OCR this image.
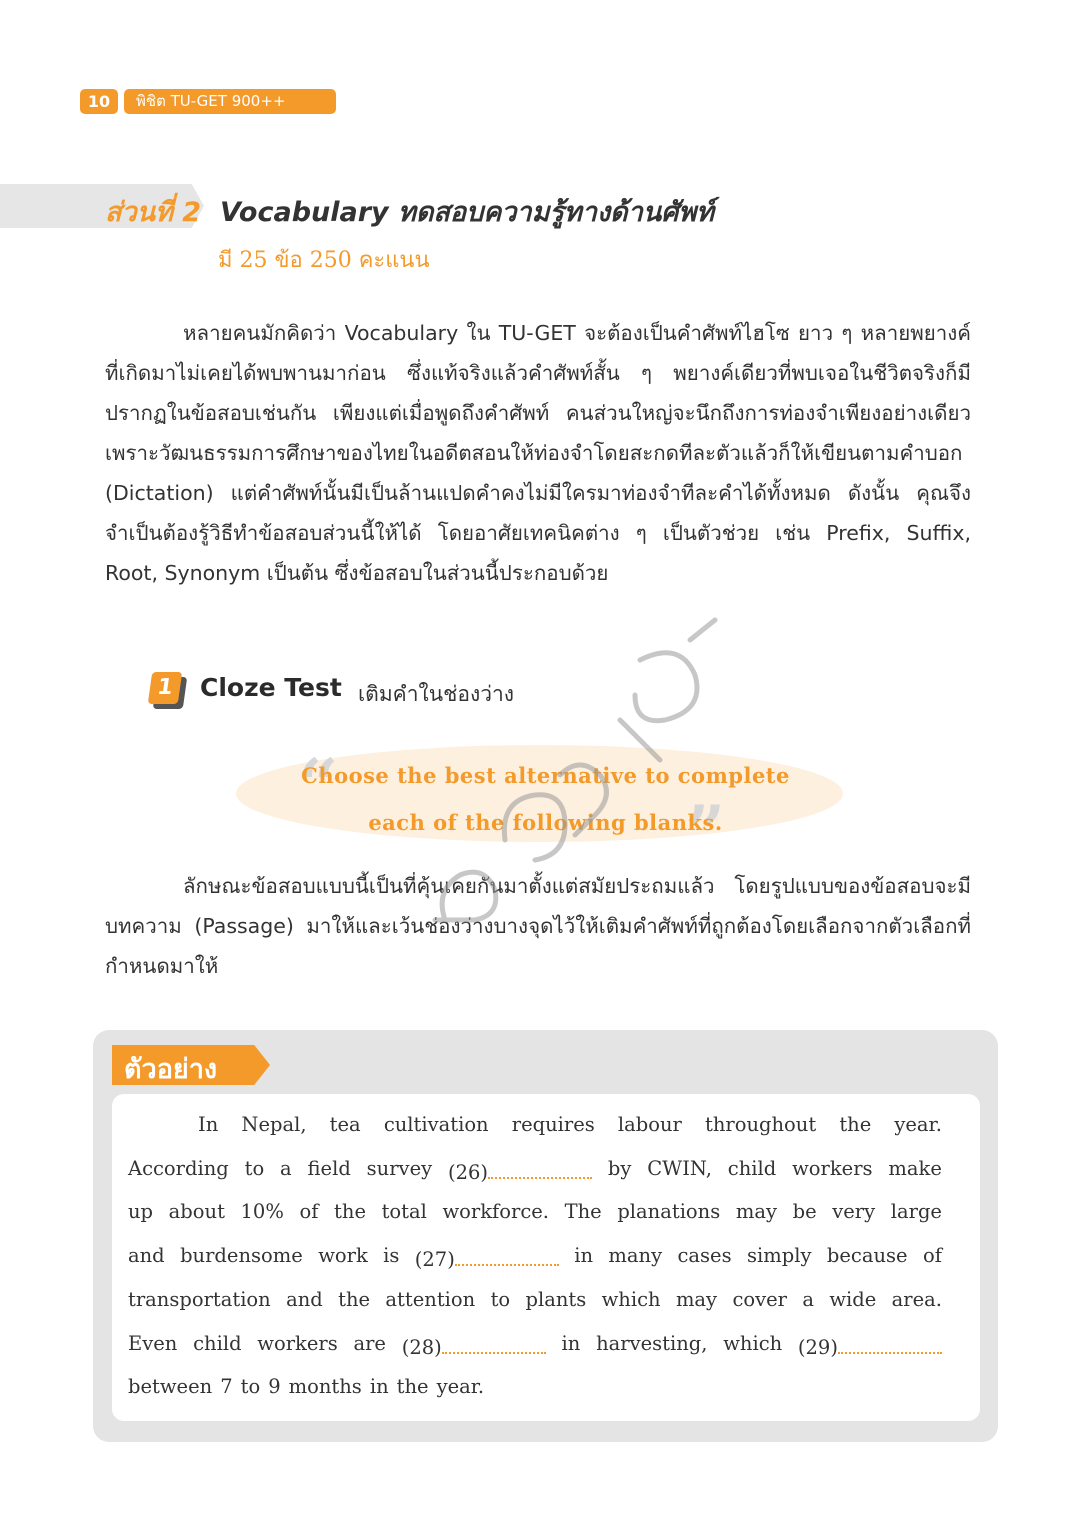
10	พิชิต TU-GET 900++
ส่วนที่ 2 Vocabulary ทดสอบความรู้ทางด้านศัพท์
มี 25 ข้อ 250 คะแนน

หลายคนมักคิดว่า Vocabulary ใน TU-GET จะต้องเป็นคำศัพท์ไฮโซ ยาว ๆ หลายพยางค์ที่เกิดมาไม่เคยได้พบพานมาก่อน ซึ่งแท้จริงแล้วคำศัพท์สั้น ๆ พยางค์เดียวที่พบเจอในชีวิตจริงก็มีปรากฏในข้อสอบเช่นกัน เพียงแต่เมื่อพูดถึงคำศัพท์ คนส่วนใหญ่จะนึกถึงการท่องจำเพียงอย่างเดียว เพราะวัฒนธรรมการศึกษาของไทยในอดีตสอนให้ท่องจำโดยสะกดทีละตัวแล้วก็ให้เขียนตามคำบอก (Dictation) แต่คำศัพท์นั้นมีเป็นล้านแปดคำคงไม่มีใครมาท่องจำทีละคำได้ทั้งหมด ดังนั้น คุณจึงจำเป็นต้องรู้วิธีทำข้อสอบส่วนนี้ให้ได้ โดยอาศัยเทคนิคต่าง ๆ เป็นตัวช่วย เช่น Prefix, Suffix, Root, Synonym เป็นต้น ซึ่งข้อสอบในส่วนนี้ประกอบด้วย

1	Cloze Test เติมคำในช่องว่าง
“
”
Choose the best alternative to complete
each of the following blanks.

ลักษณะข้อสอบแบบนี้เป็นที่คุ้นเคยกันมาตั้งแต่สมัยประถมแล้ว โดยรูปแบบของข้อสอบจะมีบทความ (Passage) มาให้และเว้นช่องว่างบางจุดไว้ให้เติมคำศัพท์ที่ถูกต้องโดยเลือกจากตัวเลือกที่กำหนดมาให้

ตัวอย่าง
In Nepal, tea cultivation requires labour throughout the year.
According to a field survey (26)	by CWIN, child workers make
up about 10% of the total workforce. The planations may be very large
and burdensome work is (27)	in many cases simply because of
transportation and the attention to plants which may cover a wide area.
Even child workers are (28)	in harvesting, which (29)
between 7 to 9 months in the year.
